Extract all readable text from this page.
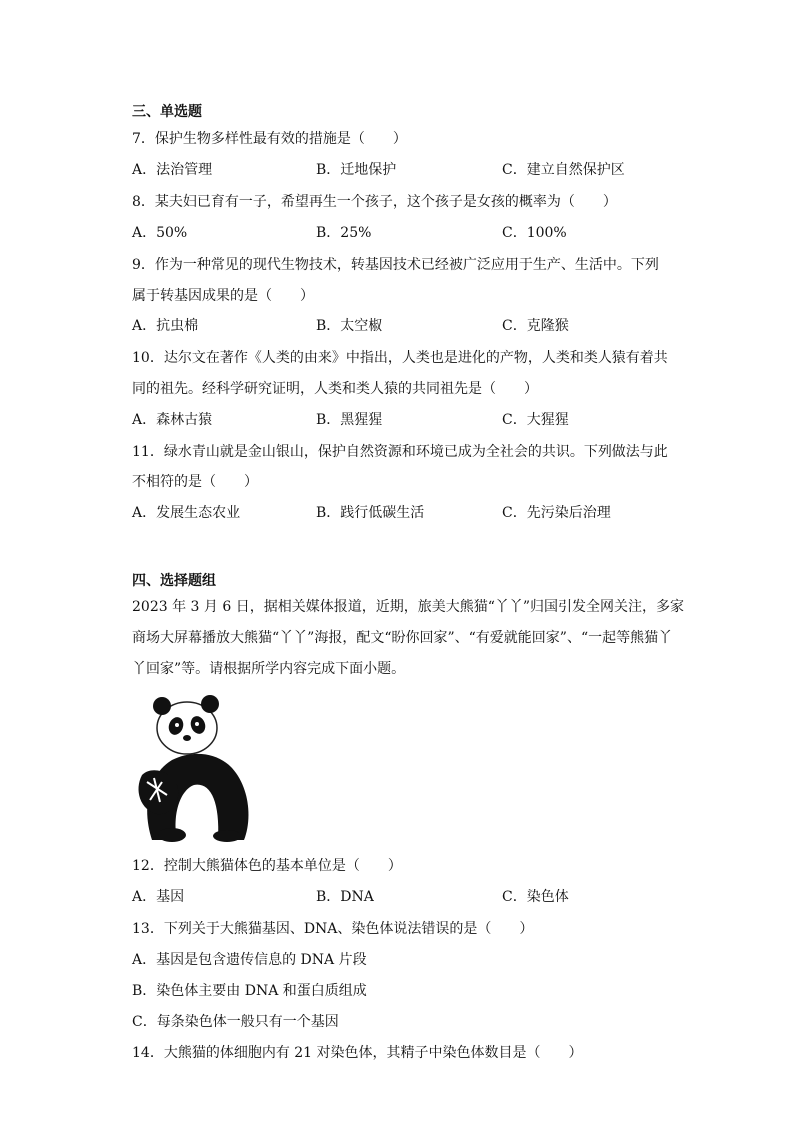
三、单选题
7．保护生物多样性最有效的措施是（　　）
A．法治管理	B．迁地保护	C．建立自然保护区
8．某夫妇已育有一子，希望再生一个孩子，这个孩子是女孩的概率为（　　）
A．50%	B．25%	C．100%
9．作为一种常见的现代生物技术，转基因技术已经被广泛应用于生产、生活中。下列
属于转基因成果的是（　　）
A．抗虫棉	B．太空椒	C．克隆猴
10．达尔文在著作《人类的由来》中指出，人类也是进化的产物，人类和类人猿有着共
同的祖先。经科学研究证明，人类和类人猿的共同祖先是（　　）
A．森林古猿	B．黑猩猩	C．大猩猩
11．绿水青山就是金山银山，保护自然资源和环境已成为全社会的共识。下列做法与此
不相符的是（　　）
A．发展生态农业	B．践行低碳生活	C．先污染后治理
四、选择题组
2023 年 3 月 6 日，据相关媒体报道，近期，旅美大熊猫“丫丫”归国引发全网关注，多家
商场大屏幕播放大熊猫“丫丫”海报，配文“盼你回家”、“有爱就能回家”、“一起等熊猫丫
丫回家”等。请根据所学内容完成下面小题。
12．控制大熊猫体色的基本单位是（　　）
A．基因	B．DNA	C．染色体
13．下列关于大熊猫基因、DNA、染色体说法错误的是（　　）
A．基因是包含遗传信息的 DNA 片段
B．染色体主要由 DNA 和蛋白质组成
C．每条染色体一般只有一个基因
14．大熊猫的体细胞内有 21 对染色体，其精子中染色体数目是（　　）
